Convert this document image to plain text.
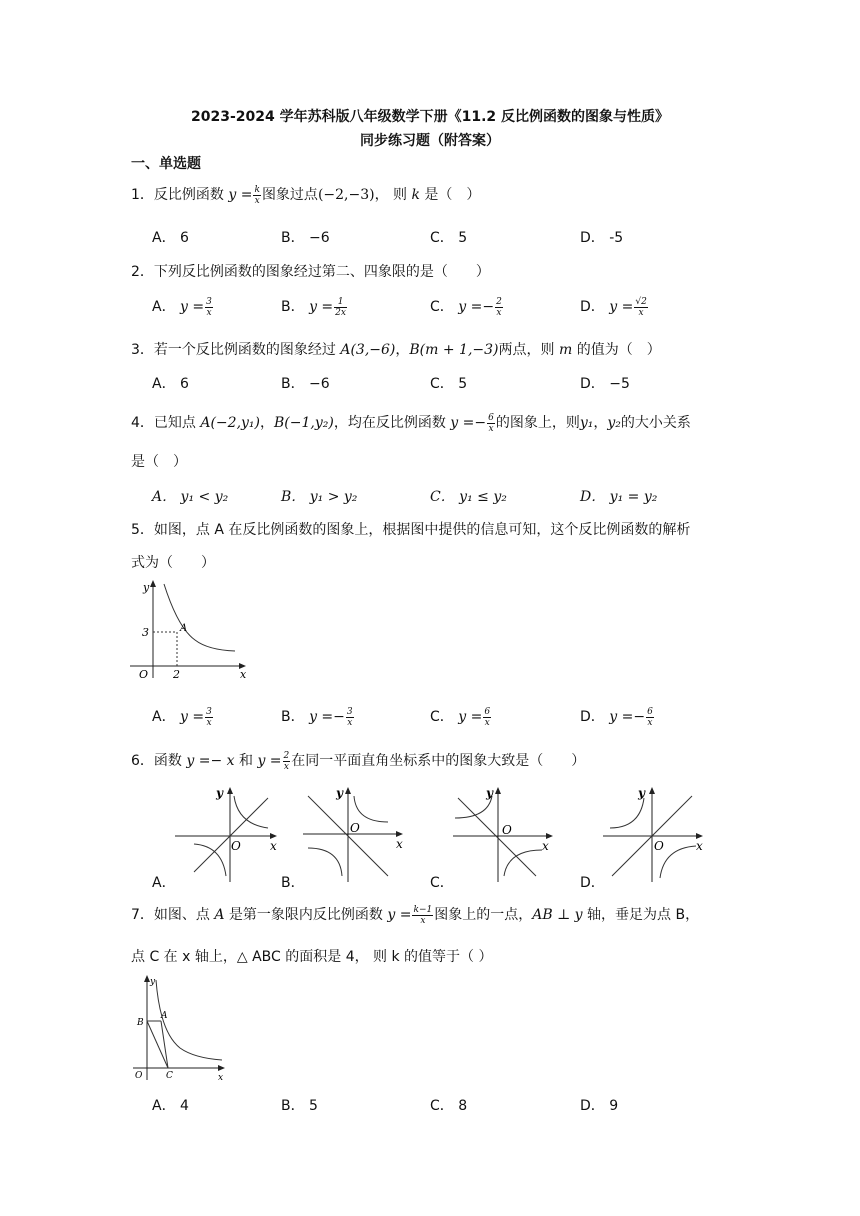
2023-2024 学年苏科版八年级数学下册《11.2 反比例函数的图象与性质》
同步练习题（附答案）
一、单选题
1．反比例函数 $y = \frac{k}{x}$ 图象过点(−2,−3)， 则 k 是（　）
A． 6	B． −6	C． 5	D． -5
2．下列反比例函数的图象经过第二、四象限的是（　　）
A． $y = \frac{3}{x}$	B． $y = \frac{1}{2x}$	C． $y =- \frac{2}{x}$	D． $y = \frac{√2}{x}$
3．若一个反比例函数的图象经过 A(3,−6)，B(m + 1,−3)两点，则 m 的值为（　）
A． 6	B． −6	C． 5	D． −5
4．已知点 A(−2,y₁)，B(−1,y₂)，均在反比例函数 $y =- \frac{6}{x}$ 的图象上，则y₁，y₂的大小关系
是（　）
A． y₁ < y₂	B． y₁ > y₂	C． y₁ ≤ y₂	D． y₁ = y₂
5．如图，点 A 在反比例函数的图象上，根据图中提供的信息可知，这个反比例函数的解析
式为（　　）
y
x
O
3
2
A
A． $y = \frac{3}{x}$	B． $y =- \frac{3}{x}$	C． $y = \frac{6}{x}$	D． $y =- \frac{6}{x}$
6．函数 y =− x 和 $y = \frac{2}{x}$ 在同一平面直角坐标系中的图象大致是（　　）
y
x
O
A．
y
x
O
B．
y
x
O
C．
y
x
O
D．
7．如图、点 A 是第一象限内反比例函数 $y = \frac{k-1}{x}$ 图象上的一点，AB ⊥ y 轴，垂足为点 B，
点 C 在 x 轴上，△ ABC 的面积是 4， 则 k 的值等于（ ）
y
x
O
B
A
C
A． 4	B． 5	C． 8	D． 9
